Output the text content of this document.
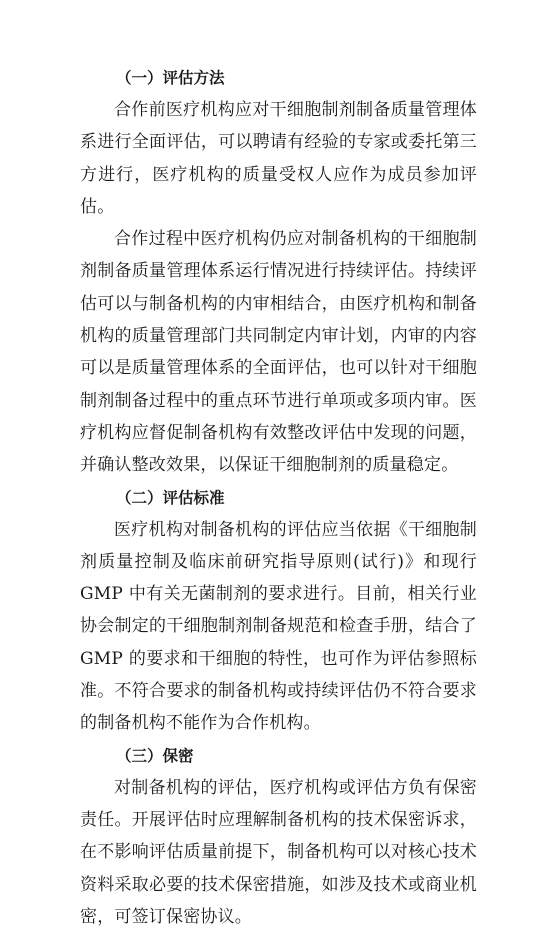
（一）评估方法

合作前医疗机构应对干细胞制剂制备质量管理体系进行全面评估，可以聘请有经验的专家或委托第三方进行，医疗机构的质量受权人应作为成员参加评估。

合作过程中医疗机构仍应对制备机构的干细胞制剂制备质量管理体系运行情况进行持续评估。持续评估可以与制备机构的内审相结合，由医疗机构和制备机构的质量管理部门共同制定内审计划，内审的内容可以是质量管理体系的全面评估，也可以针对干细胞制剂制备过程中的重点环节进行单项或多项内审。医疗机构应督促制备机构有效整改评估中发现的问题，并确认整改效果，以保证干细胞制剂的质量稳定。

（二）评估标准

医疗机构对制备机构的评估应当依据《干细胞制剂质量控制及临床前研究指导原则(试行)》和现行 GMP 中有关无菌制剂的要求进行。目前，相关行业协会制定的干细胞制剂制备规范和检查手册，结合了 GMP 的要求和干细胞的特性，也可作为评估参照标准。不符合要求的制备机构或持续评估仍不符合要求的制备机构不能作为合作机构。

（三）保密

对制备机构的评估，医疗机构或评估方负有保密责任。开展评估时应理解制备机构的技术保密诉求，在不影响评估质量前提下，制备机构可以对核心技术资料采取必要的技术保密措施，如涉及技术或商业机密，可签订保密协议。
